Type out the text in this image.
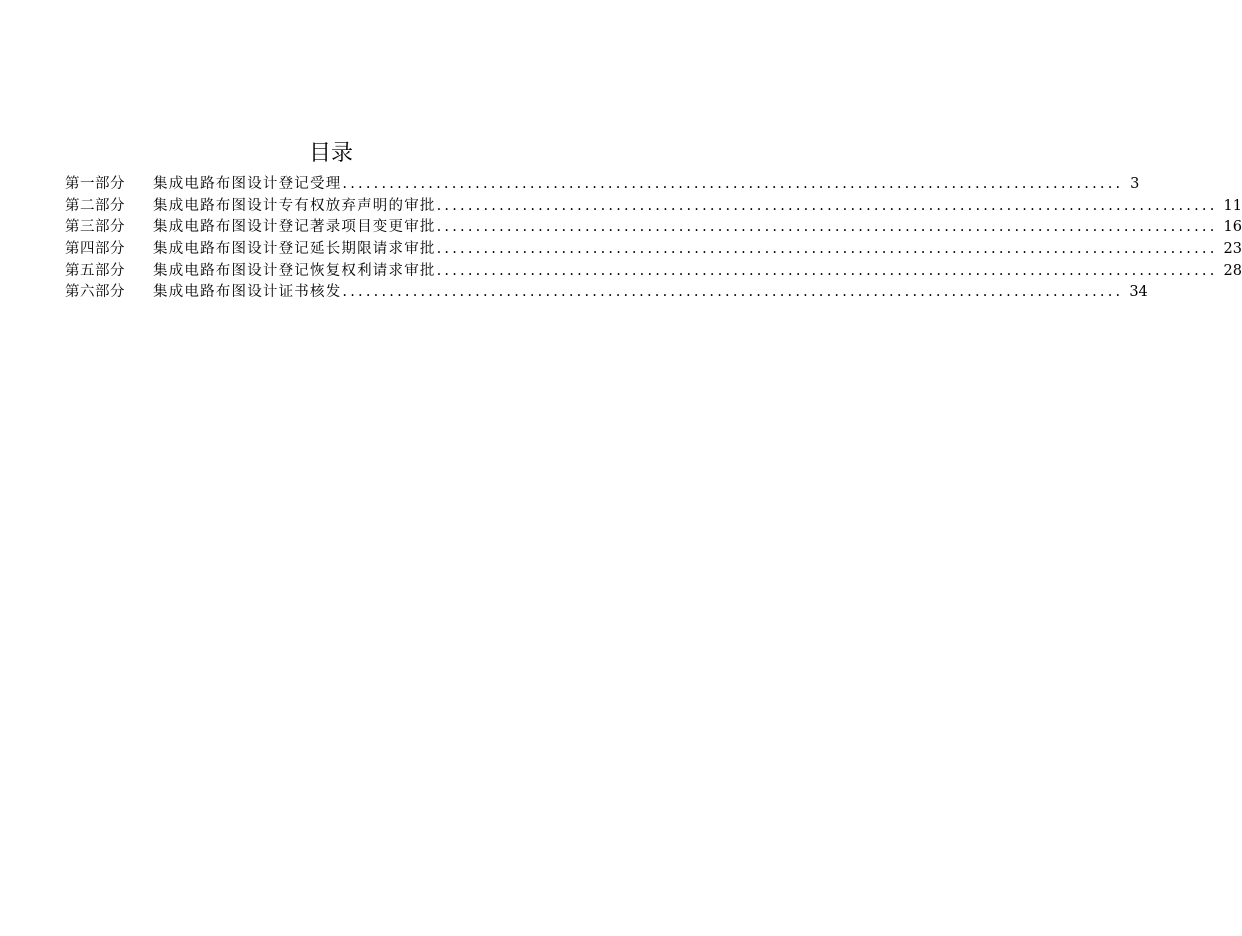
目录
第一部分	集成电路布图设计登记受理 .................................................................................................... 3
第二部分	集成电路布图设计专有权放弃声明的审批 .................................................................................................... 11
第三部分	集成电路布图设计登记著录项目变更审批 .................................................................................................... 16
第四部分	集成电路布图设计登记延长期限请求审批 .................................................................................................... 23
第五部分	集成电路布图设计登记恢复权利请求审批 .................................................................................................... 28
第六部分	集成电路布图设计证书核发 .................................................................................................... 34
